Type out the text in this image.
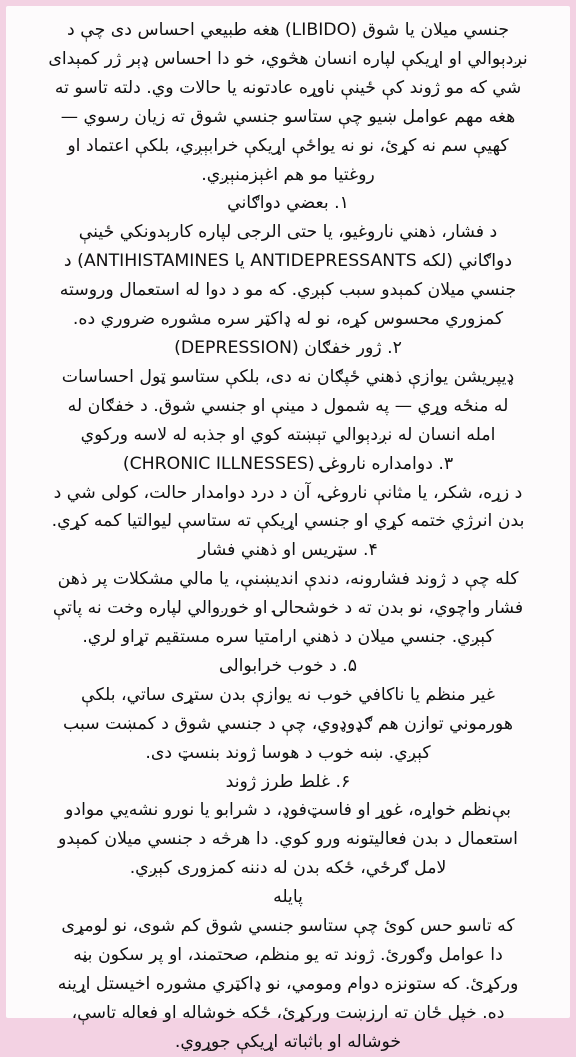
جنسي ميلان يا شوق (LIBIDO) هغه طبيعي احساس دی چې د
نږدېوالي او اړيکې لپاره انسان هڅوي، خو دا احساس ډېر ژر کمېدای
شي که مو ژوند کې ځينې ناوړه عادتونه يا حالات وي. دلته تاسو ته
هغه مهم عوامل ښيو چې ستاسو جنسي شوق ته زيان رسوي —
کهیې سم نه کړئ، نو نه يواځې اړيکې خرابېږي، بلکې اعتماد او
روغتيا مو هم اغېزمنېږي.
۱. بعضي دواګاني
د فشار، ذهني ناروغيو، يا حتی الرجی لپاره کارېدونکي ځينې
دواګاني (لکه ANTIDEPRESSANTS يا ANTIHISTAMINES) د
جنسي ميلان کمېدو سبب کېږي. که مو د دوا له استعمال وروسته
کمزوري محسوس کړه، نو له ډاکټر سره مشوره ضروري ده.
۲. ژور خفګان (DEPRESSION)
ډيپريشن يوازې ذهني ځپګان نه دی، بلکې ستاسو ټول احساسات
له منځه وړي — په شمول د مينې او جنسي شوق. د خفګان له
امله انسان له نږدېوالي تېښته کوي او جذبه له لاسه ورکوي
۳. دوامداره ناروغۍ (CHRONIC ILLNESSES)
د زړه، شکر، يا مثانې ناروغۍ، آن د درد دوامدار حالت، کولی شي د
بدن انرژي ختمه کړي او جنسي اړيکې ته ستاسې ليوالتيا کمه کړي.
۴. سټريس او ذهني فشار
کله چې د ژوند فشارونه، دندې انديښنې، يا مالي مشکلات پر ذهن
فشار واچوي، نو بدن ته د خوشحالۍ او خوږوالي لپاره وخت نه پاتې
کېږي. جنسي ميلان د ذهني ارامتيا سره مستقيم تړاو لري.
۵. د خوب خرابوالی
غير منظم يا ناکافي خوب نه يوازې بدن ستړی ساتي، بلکې
هورموني توازن هم ګډوډوي، چې د جنسي شوق د کمښت سبب
کېږي. ښه خوب د هوسا ژوند بنسټ دی.
۶. غلط طرز ژوند
بې‌نظم خواړه، غوړ او فاسټ‌فوډ، د شرابو يا نورو نشه‌يي موادو
استعمال د بدن فعاليتونه ورو کوي. دا هرڅه د جنسي ميلان کمېدو
لامل ګرځي، ځکه بدن له دننه کمزوری کېږي.
پايله
که تاسو حس کوئ چې ستاسو جنسي شوق کم شوی، نو لومړی
دا عوامل وګورئ. ژوند ته يو منظم، صحتمند، او پر سکون بڼه
ورکړئ. که ستونزه دوام ومومي، نو ډاکټري مشوره اخيستل اړينه
ده. خپل ځان ته ارزښت ورکړئ، ځکه خوشاله او فعاله تاسې،
خوشاله او باثباته اړيکې جوړوي.
